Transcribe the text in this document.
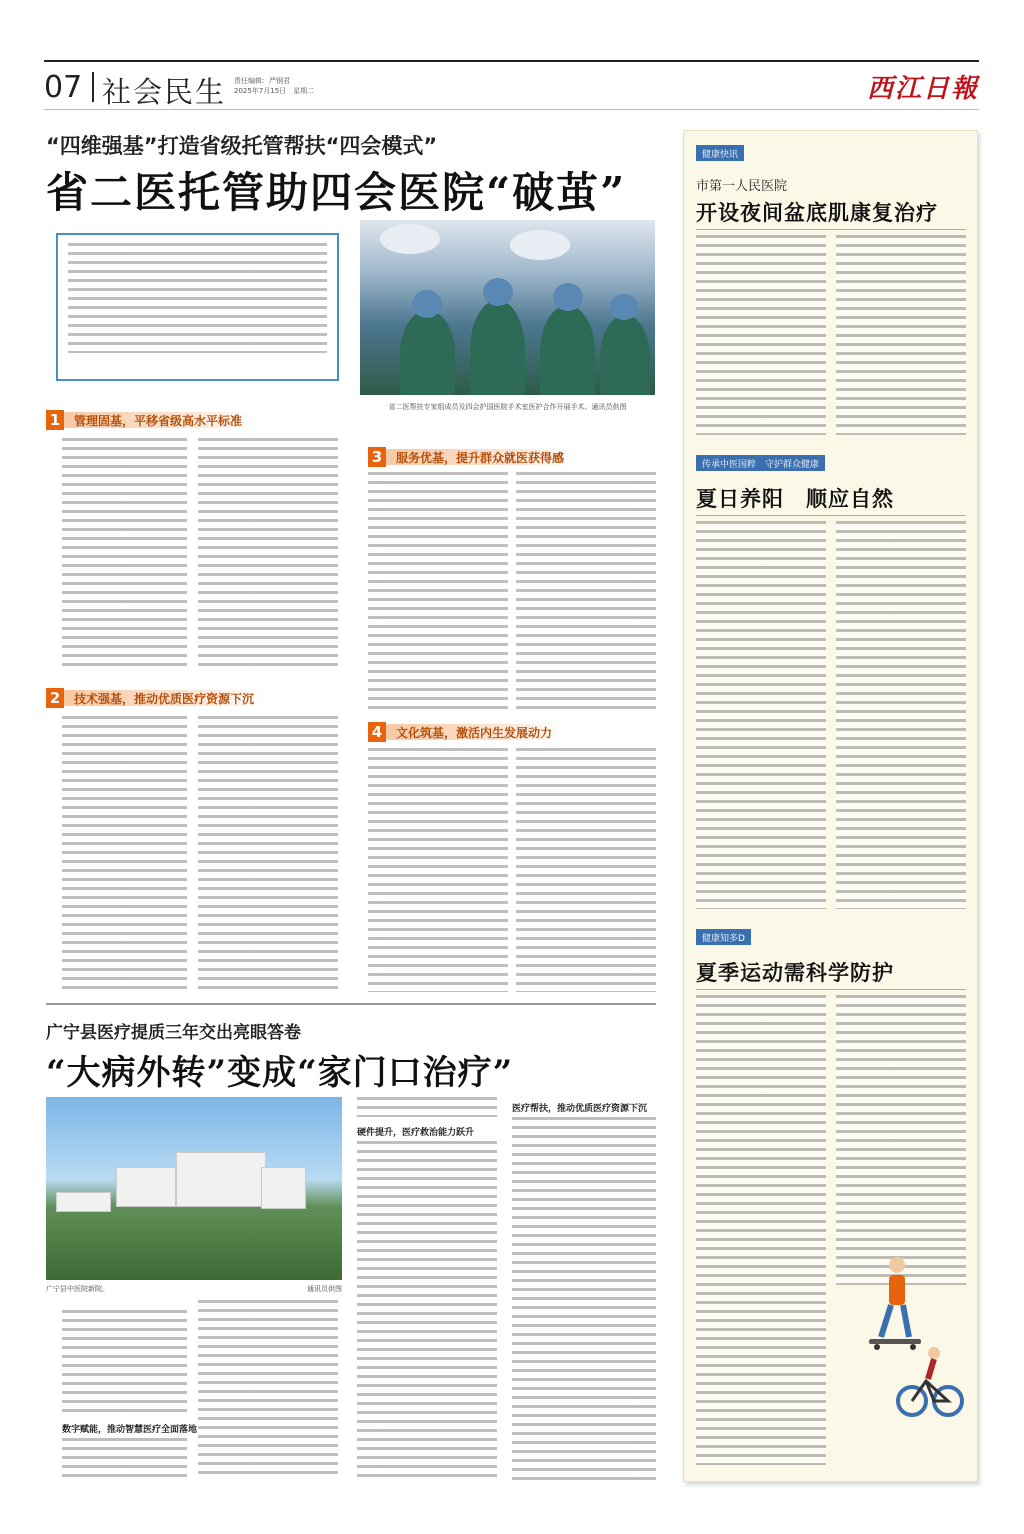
07 社会民生 责任编辑：严钢君
2025年7月15日　星期二	西江日報
“四维强基”打造省级托管帮扶“四会模式”
省二医托管助四会医院“破茧”
省二医帮扶专家组成员及四会护国医院手术室医护合作开展手术。通讯员供图
1	管理固基，平移省级高水平标准
2	技术强基，推动优质医疗资源下沉
3	服务优基，提升群众就医获得感
4	文化筑基，激活内生发展动力
广宁县医疗提质三年交出亮眼答卷
“大病外转”变成“家门口治疗”
广宁县中医院新院。	通讯员供图
数字赋能，推动智慧医疗全面落地
硬件提升，医疗救治能力跃升
医疗帮扶，推动优质医疗资源下沉
健康快讯
市第一人民医院
开设夜间盆底肌康复治疗
传承中医国粹　守护群众健康
夏日养阳　顺应自然
健康知多D
夏季运动需科学防护
